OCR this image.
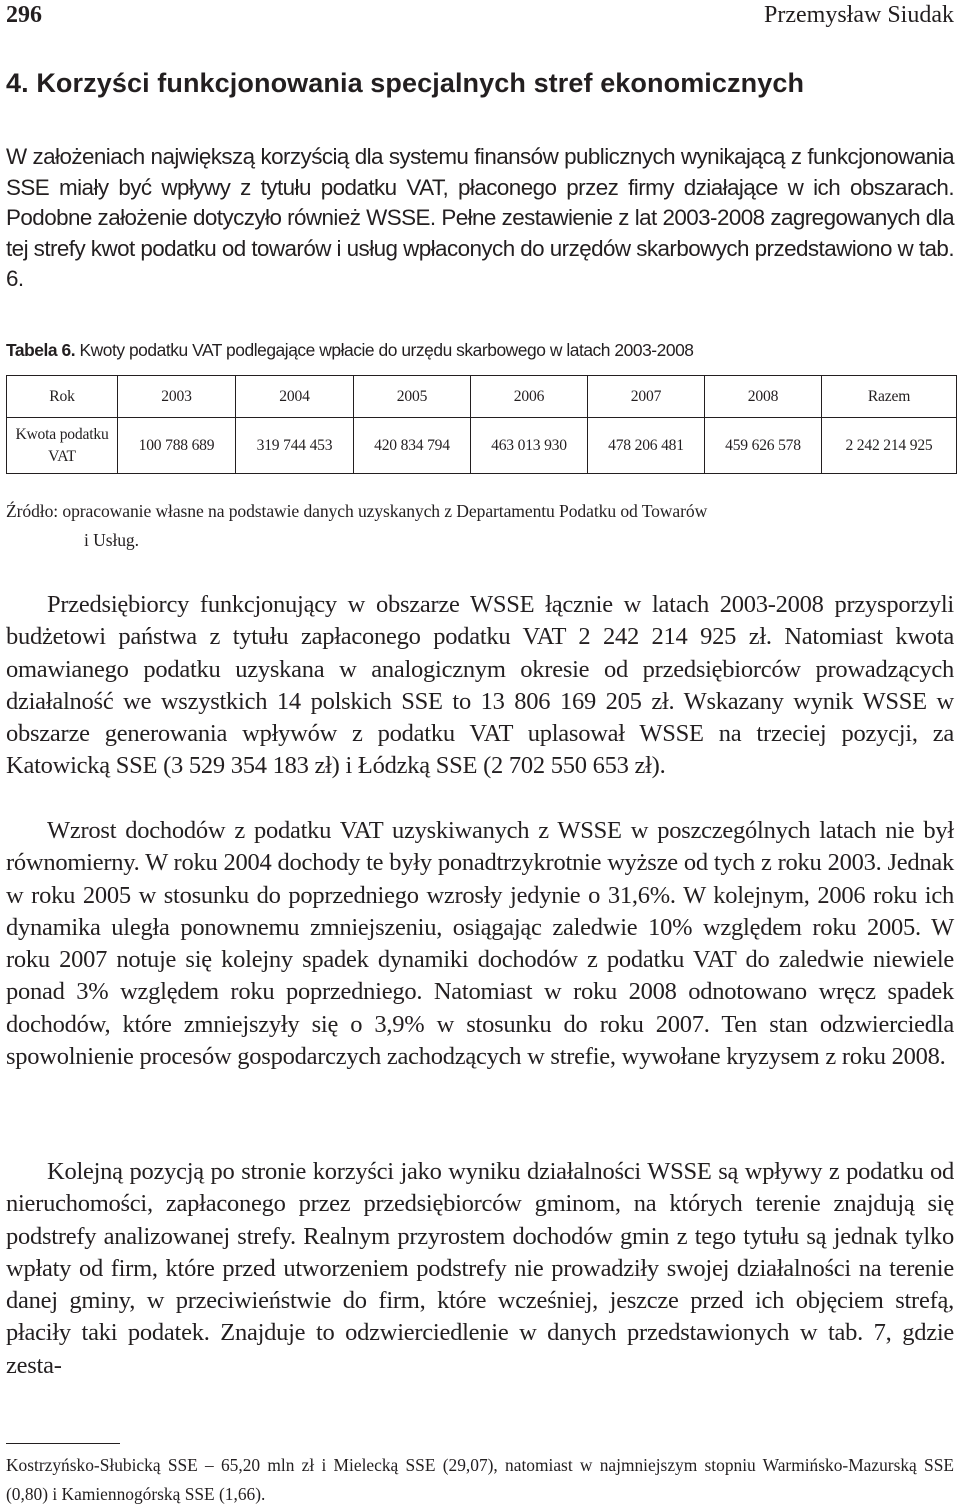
296	Przemysław Siudak
4. Korzyści funkcjonowania specjalnych stref ekonomicznych

W założeniach największą korzyścią dla systemu finansów publicznych wynikającą z funkcjonowania SSE miały być wpływy z tytułu podatku VAT, płaconego przez firmy działające w ich obszarach. Podobne założenie dotyczyło również WSSE. Pełne zestawienie z lat 2003-2008 zagregowanych dla tej strefy kwot podatku od towarów i usług wpłaconych do urzędów skarbowych przedstawiono w tab. 6.

Tabela 6. Kwoty podatku VAT podlegające wpłacie do urzędu skarbowego w latach 2003-2008
Rok	2003	2004	2005	2006	2007	2008	Razem
Kwota podatku VAT	100 788 689	319 744 453	420 834 794	463 013 930	478 206 481	459 626 578	2 242 214 925
Źródło: opracowanie własne na podstawie danych uzyskanych z Departamentu Podatku od Towarów
i Usług.

Przedsiębiorcy funkcjonujący w obszarze WSSE łącznie w latach 2003-2008 przysporzyli budżetowi państwa z tytułu zapłaconego podatku VAT 2 242 214 925 zł. Natomiast kwota omawianego podatku uzyskana w analogicznym okresie od przedsiębiorców prowadzących działalność we wszystkich 14 polskich SSE to 13 806 169 205 zł. Wskazany wynik WSSE w obszarze generowania wpływów z podatku VAT uplasował WSSE na trzeciej pozycji, za Katowicką SSE (3 529 354 183 zł) i Łódzką SSE (2 702 550 653 zł).

Wzrost dochodów z podatku VAT uzyskiwanych z WSSE w poszczególnych latach nie był równomierny. W roku 2004 dochody te były ponadtrzykrotnie wyższe od tych z roku 2003. Jednak w roku 2005 w stosunku do poprzedniego wzrosły jedynie o 31,6%. W kolejnym, 2006 roku ich dynamika uległa ponownemu zmniejszeniu, osiągając zaledwie 10% względem roku 2005. W roku 2007 notuje się kolejny spadek dynamiki dochodów z podatku VAT do zaledwie niewiele ponad 3% względem roku poprzedniego. Natomiast w roku 2008 odnotowano wręcz spadek dochodów, które zmniejszyły się o 3,9% w stosunku do roku 2007. Ten stan odzwierciedla spowolnienie procesów gospodarczych zachodzących w strefie, wywołane kryzysem z roku 2008.

Kolejną pozycją po stronie korzyści jako wyniku działalności WSSE są wpływy z podatku od nieruchomości, zapłaconego przez przedsiębiorców gminom, na których terenie znajdują się podstrefy analizowanej strefy. Realnym przyrostem dochodów gmin z tego tytułu są jednak tylko wpłaty od firm, które przed utworzeniem podstrefy nie prowadziły swojej działalności na terenie danej gminy, w przeciwieństwie do firm, które wcześniej, jeszcze przed ich objęciem strefą, płaciły taki podatek. Znajduje to odzwierciedlenie w danych przedstawionych w tab. 7, gdzie zesta-

Kostrzyńsko-Słubicką SSE – 65,20 mln zł i Mielecką SSE (29,07), natomiast w najmniejszym stopniu Warmińsko-Mazurską SSE (0,80) i Kamiennogórską SSE (1,66).
